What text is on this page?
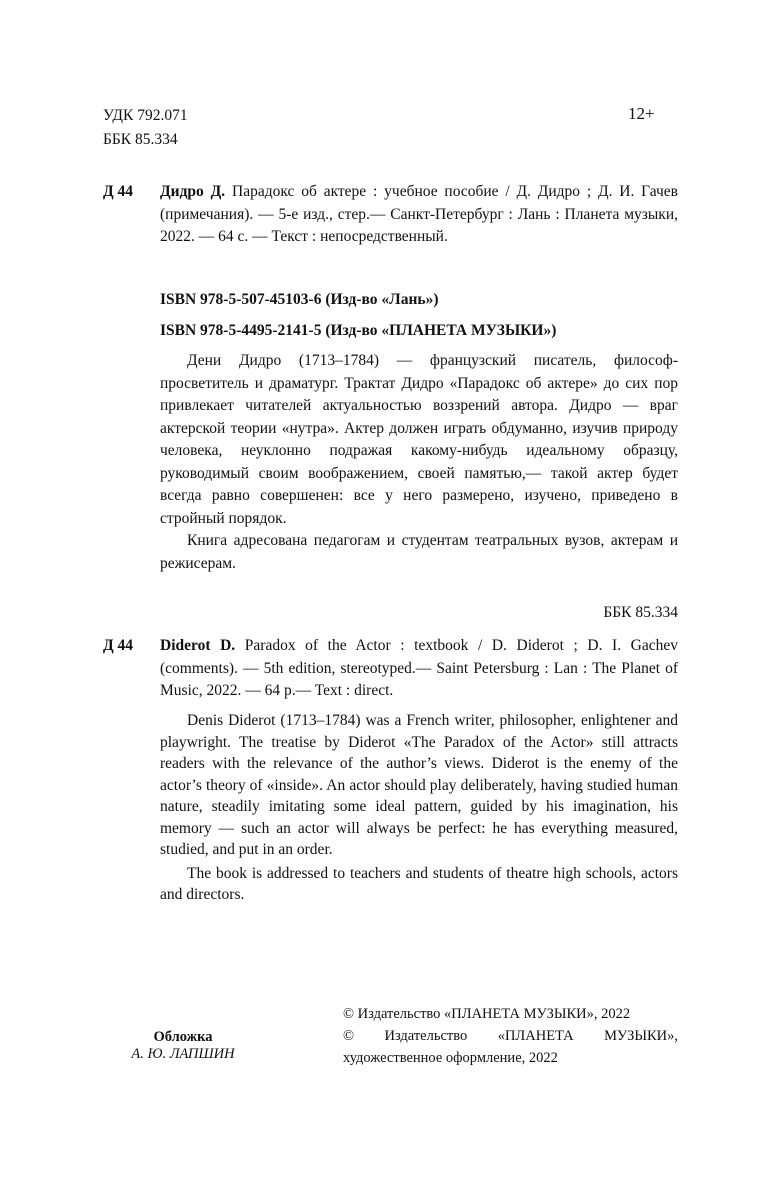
УДК 792.071
ББК 85.334
12+
Д 44 Дидро Д. Парадокс об актере : учебное пособие / Д. Дидро ; Д. И. Гачев (примечания). — 5-е изд., стер.— Санкт-Петербург : Лань : Планета музыки, 2022. — 64 с. — Текст : непосредственный.
ISBN 978-5-507-45103-6 (Изд-во «Лань»)
ISBN 978-5-4495-2141-5 (Изд-во «ПЛАНЕТА МУЗЫКИ»)

Дени Дидро (1713–1784) — французский писатель, философ-просветитель и драматург. Трактат Дидро «Парадокс об актере» до сих пор привлекает читателей актуальностью воззрений автора. Дидро — враг актерской теории «нутра». Актер должен играть обдуманно, изучив природу человека, неуклонно подражая какому-нибудь идеальному образцу, руководимый своим воображением, своей памятью,— такой актер будет всегда равно совершенен: все у него размерено, изучено, приведено в стройный порядок.

Книга адресована педагогам и студентам театральных вузов, актерам и режисерам.

ББК 85.334
Д 44 Diderot D. Paradox of the Actor : textbook / D. Diderot ; D. I. Gachev (comments). — 5th edition, stereotyped.— Saint Petersburg : Lan : The Planet of Music, 2022. — 64 p.— Text : direct.

Denis Diderot (1713–1784) was a French writer, philosopher, enlightener and playwright. The treatise by Diderot «The Paradox of the Actor» still attracts readers with the relevance of the author’s views. Diderot is the enemy of the actor’s theory of «inside». An actor should play deliberately, having studied human nature, steadily imitating some ideal pattern, guided by his imagination, his memory — such an actor will always be perfect: he has everything measured, studied, and put in an order.

The book is addressed to teachers and students of theatre high schools, actors and directors.

Обложка
А. Ю. ЛАПШИН
© Издательство «ПЛАНЕТА МУЗЫКИ», 2022
© Издательство «ПЛАНЕТА МУЗЫКИ», художественное оформление, 2022
